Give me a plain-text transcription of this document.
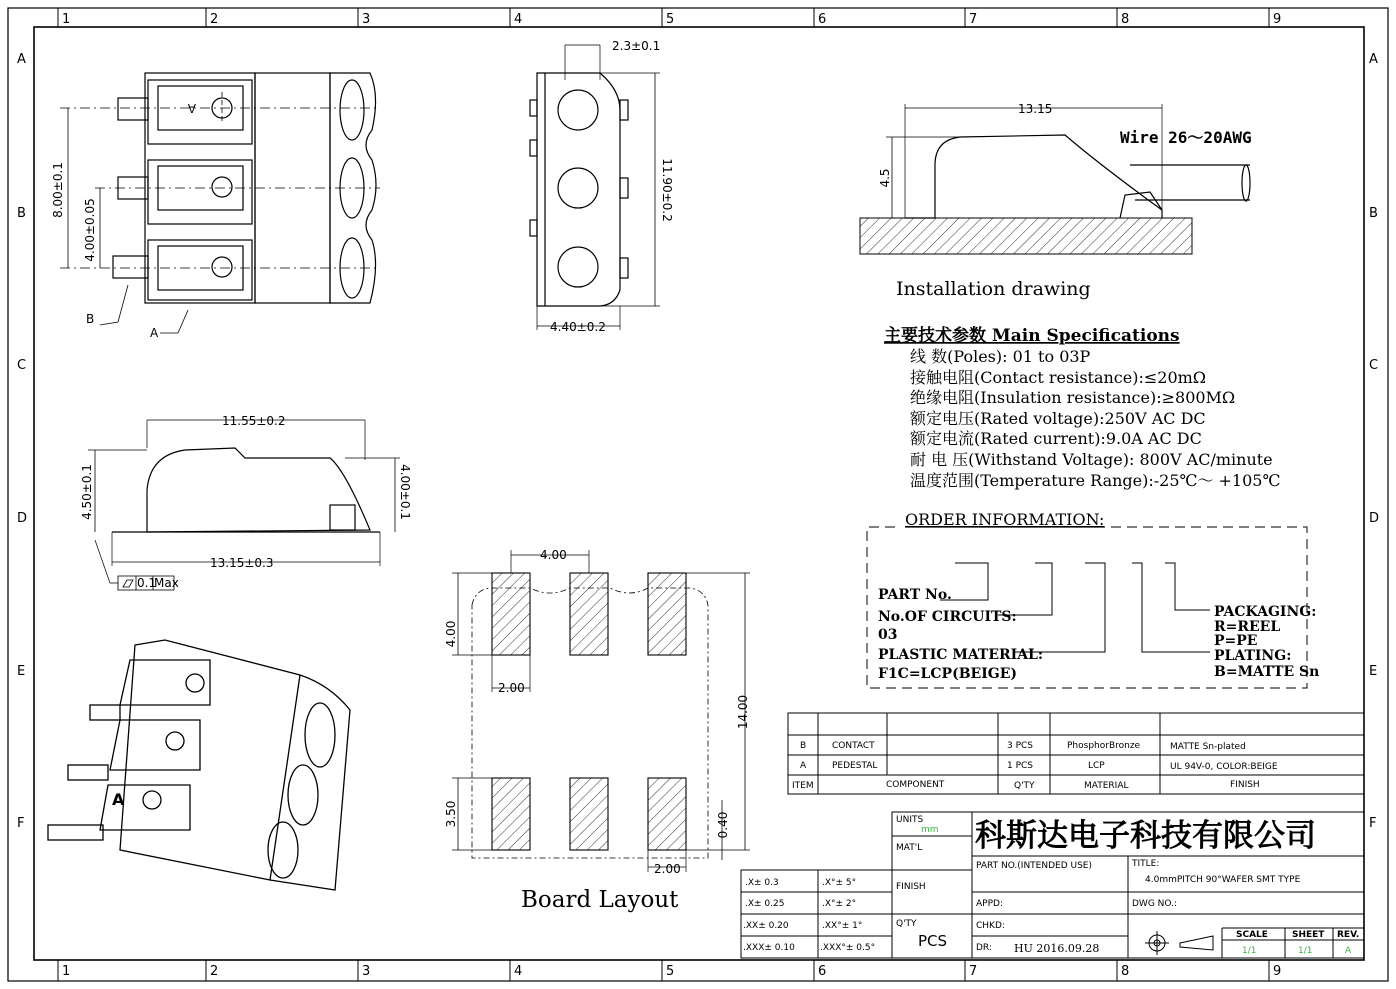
1
1
2
2
3
3
4
4
5
5
6
6
7
7
8
8
9
9
A	A
B	B
C	C
D	D
E	E
F	F
8.00±0.1
4.00±0.05
B
A
A
2.3±0.1
11.90±0.2
4.40±0.2
11.55±0.2
4.50±0.1	4.00±0.1
13.15±0.3
0.1
Max
A
4.00
4.00
2.00
14.00
3.50	0.40
2.00
Board Layout
13.15
4.5
Wire 26～20AWG
Installation drawing
主要技术参数 Main Specifications
线 数(Poles): 01 to 03P
接触电阻(Contact resistance):≤20mΩ
绝缘电阻(Insulation resistance):≥800MΩ
额定电压(Rated voltage):250V AC DC
额定电流(Rated current):9.0A AC DC
耐 电 压(Withstand Voltage): 800V AC/minute
温度范围(Temperature Range):-25℃～ +105℃
ORDER INFORMATION:
PART No.
No.OF CIRCUITS:
03
PLASTIC MATERIAL:
F1C=LCP(BEIGE)
PACKAGING:
R=REEL
P=PE
PLATING:
B=MATTE Sn
B	CONTACT	3 PCS	PhosphorBronze	MATTE Sn-plated
A	PEDESTAL	1 PCS	LCP	UL 94V-0, COLOR:BEIGE
ITEM	COMPONENT	Q'TY	MATERIAL	FINISH
.X± 0.3	.X°± 5°
.X± 0.25	.X°± 2°
.XX± 0.20	.XX°± 1°
.XXX± 0.10	.XXX°± 0.5°
UNITS
mm
MAT'L
FINISH
Q'TY
PCS
科斯达电子科技有限公司
PART NO.(INTENDED USE)	TITLE:
4.0mmPITCH 90°WAFER SMT TYPE
APPD:	DWG NO.:
CHKD:
DR: HU 2016.09.28
SCALE
1/1
SHEET
1/1
REV.
A
